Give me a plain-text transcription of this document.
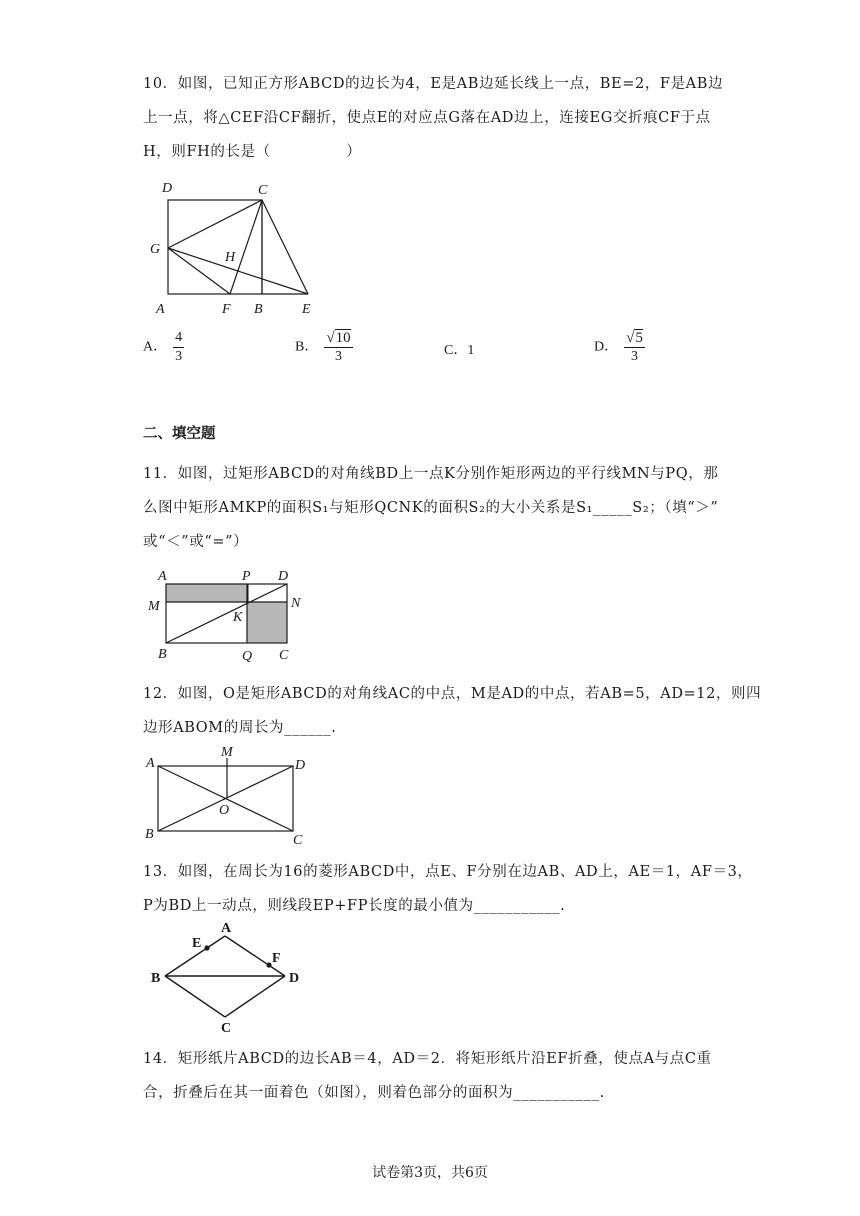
10．如图，已知正方形ABCD的边长为4，E是AB边延长线上一点，BE=2，F是AB边
上一点，将△CEF沿CF翻折，使点E的对应点G落在AD边上，连接EG交折痕CF于点
H，则FH的长是（　　　　　）
D	C
G
H
A	F B	E
A． $\frac{4}{3}$	B． $\frac{√10}{3}$	C．1	D． $\frac{√5}{3}$
二、填空题
11．如图，过矩形ABCD的对角线BD上一点K分别作矩形两边的平行线MN与PQ，那
么图中矩形AMKP的面积S₁与矩形QCNK的面积S₂的大小关系是S₁_____S₂；（填“＞”
或“＜”或“=”）
A	P D
M	N
K
B	Q C
12．如图，O是矩形ABCD的对角线AC的中点，M是AD的中点，若AB=5，AD=12，则四
边形ABOM的周长为______.
A
M
D
O
B	C
13．如图，在周长为16的菱形ABCD中，点E、F分别在边AB、AD上，AE＝1，AF＝3，
P为BD上一动点，则线段EP+FP长度的最小值为___________.
A
E
F
B	D
C
14．矩形纸片ABCD的边长AB＝4，AD＝2．将矩形纸片沿EF折叠，使点A与点C重
合，折叠后在其一面着色（如图），则着色部分的面积为___________.
试卷第3页，共6页
